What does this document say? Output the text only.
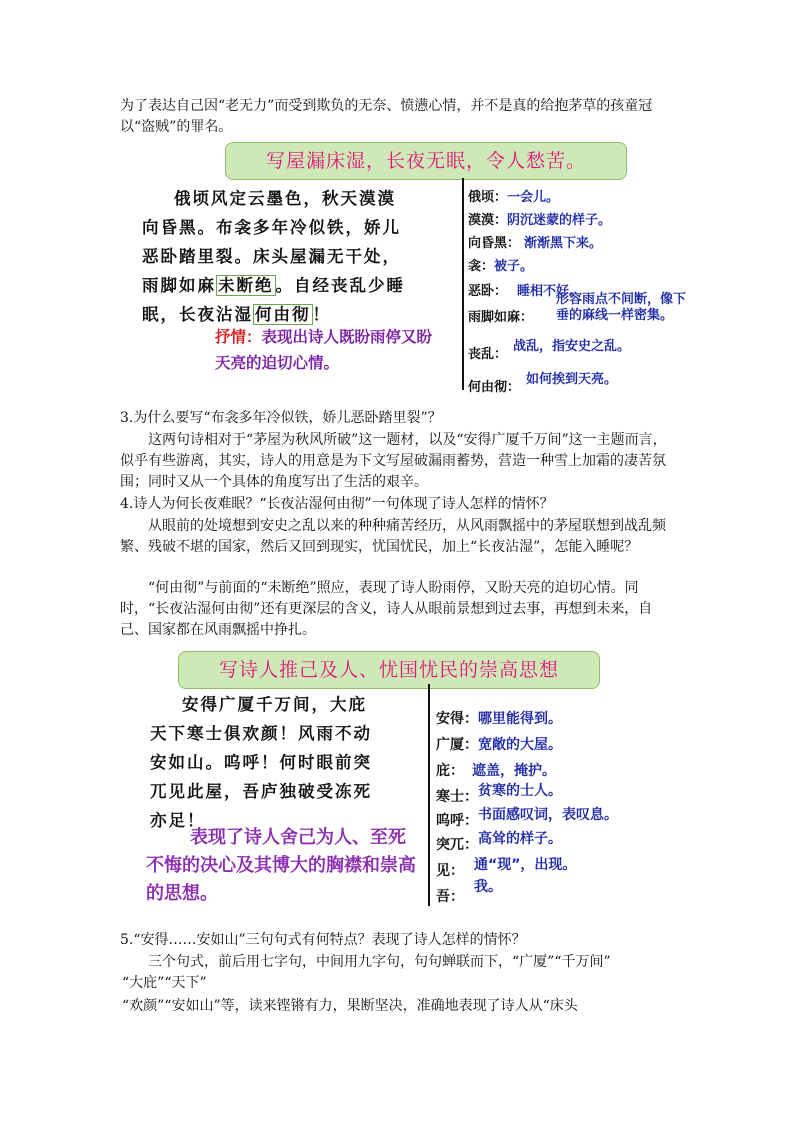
为了表达自己因“老无力”而受到欺负的无奈、愤懑心情，并不是真的给抱茅草的孩童冠以“盗贼”的罪名。

写屋漏床湿，长夜无眠，令人愁苦。
俄顷风定云墨色，秋天漠漠
向昏黑。布衾多年冷似铁，娇儿
恶卧踏里裂。床头屋漏无干处，
雨脚如麻 未断绝 。自经丧乱少睡
眠，长夜沾湿 何由彻 ！
抒情：表现出诗人既盼雨停又盼天亮的迫切心情。
俄顷：一会儿。
漠漠：阴沉迷蒙的样子。
向昏黑： 渐渐黑下来。
衾：被子。
恶卧： 睡相不好。
雨脚如麻：
形容雨点不间断，像下垂的麻线一样密集。
丧乱：战乱，指安史之乱。
何由彻：如何挨到天亮。
3.为什么要写“布衾多年冷似铁，娇儿恶卧踏里裂”？

这两句诗相对于“茅屋为秋风所破”这一题材，以及“安得广厦千万间”这一主题而言，似乎有些游离，其实，诗人的用意是为下文写屋破漏雨蓄势，营造一种雪上加霜的凄苦氛围；同时又从一个具体的角度写出了生活的艰辛。

4.诗人为何长夜难眠？“长夜沾湿何由彻”一句体现了诗人怎样的情怀？

从眼前的处境想到安史之乱以来的种种痛苦经历，从风雨飘摇中的茅屋联想到战乱频繁、残破不堪的国家，然后又回到现实，忧国忧民，加上“长夜沾湿”，怎能入睡呢？

“何由彻”与前面的“未断绝”照应，表现了诗人盼雨停，又盼天亮的迫切心情。同时，“长夜沾湿何由彻”还有更深层的含义，诗人从眼前景想到过去事，再想到未来，自己、国家都在风雨飘摇中挣扎。

写诗人推己及人、忧国忧民的崇高思想
安得广厦千万间，大庇
天下寒士俱欢颜！风雨不动
安如山。呜呼！何时眼前突
兀见此屋，吾庐独破受冻死
亦足！
表现了诗人舍己为人、至死不悔的决心及其博大的胸襟和崇高的思想。
安得：哪里能得到。
广厦：宽敞的大屋。
庇： 遮盖，掩护。
寒士：贫寒的士人。
呜呼：书面感叹词，表叹息。
突兀：高耸的样子。
见： 通“现”，出现。
吾：我。
5.“安得……安如山”三句句式有何特点？表现了诗人怎样的情怀？

三个句式，前后用七字句，中间用九字句，句句蝉联而下，“广厦”“千万间”

“大庇”“天下”

“欢颜”“安如山”等，读来铿锵有力，果断坚决，准确地表现了诗人从“床头
